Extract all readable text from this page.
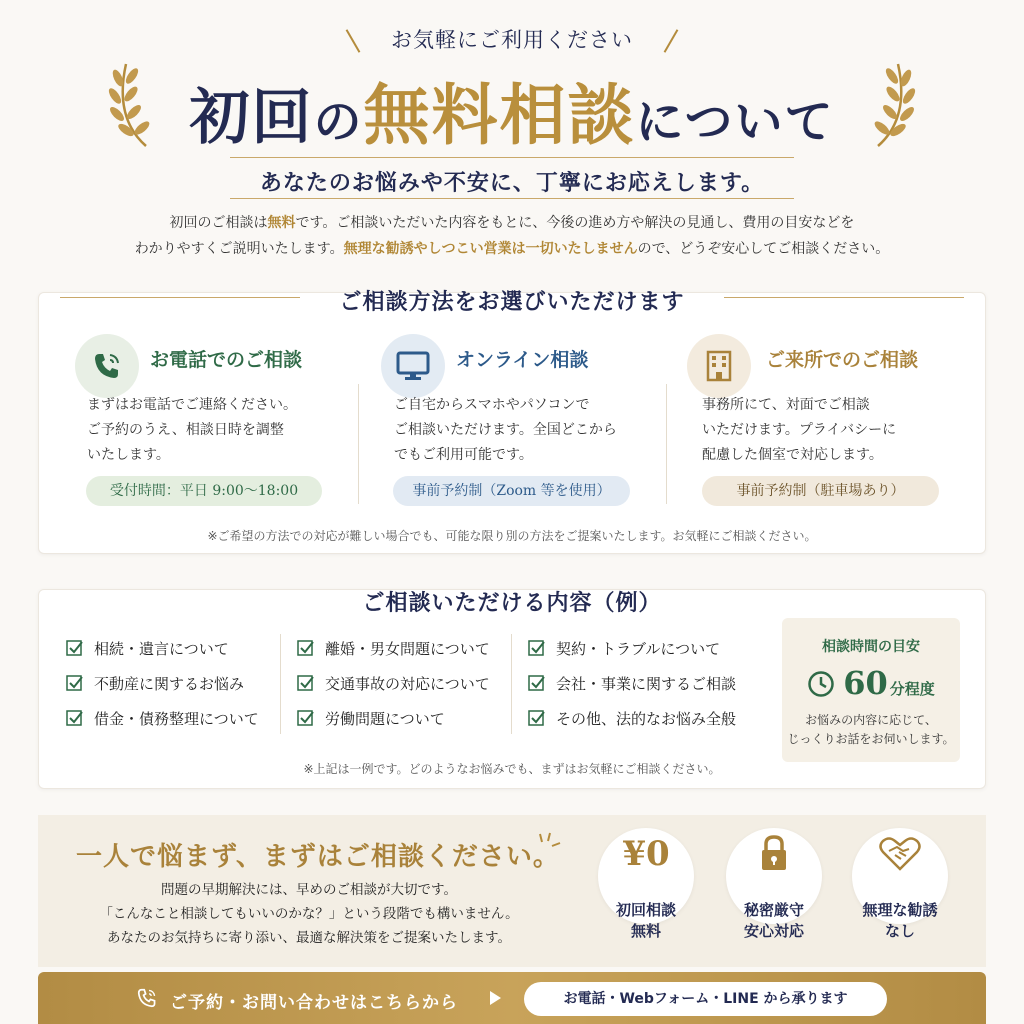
お気軽にご利用ください
初回の無料相談について
あなたのお悩みや不安に、丁寧にお応えします。
初回のご相談は無料です。ご相談いただいた内容をもとに、今後の進め方や解決の見通し、費用の目安などを
わかりやすくご説明いたします。無理な勧誘やしつこい営業は一切いたしませんので、どうぞ安心してご相談ください。
ご相談方法をお選びいただけます
お電話でのご相談
まずはお電話でご連絡ください。
ご予約のうえ、相談日時を調整
いたします。
受付時間：平日 9:00〜18:00
オンライン相談
ご自宅からスマホやパソコンで
ご相談いただけます。全国どこから
でもご利用可能です。
事前予約制（Zoom 等を使用）
ご来所でのご相談
事務所にて、対面でご相談
いただけます。プライバシーに
配慮した個室で対応します。
事前予約制（駐車場あり）
※ご希望の方法での対応が難しい場合でも、可能な限り別の方法をご提案いたします。お気軽にご相談ください。
ご相談いただける内容（例）
相続・遺言について
不動産に関するお悩み
借金・債務整理について
離婚・男女問題について
交通事故の対応について
労働問題について
契約・トラブルについて
会社・事業に関するご相談
その他、法的なお悩み全般
相談時間の目安
60 分程度
お悩みの内容に応じて、
じっくりお話をお伺いします。
※上記は一例です。どのようなお悩みでも、まずはお気軽にご相談ください。
一人で悩まず、まずはご相談ください。
問題の早期解決には、早めのご相談が大切です。
「こんなこと相談してもいいのかな？」という段階でも構いません。
あなたのお気持ちに寄り添い、最適な解決策をご提案いたします。
¥0
初回相談
無料
秘密厳守
安心対応
無理な勧誘
なし
ご予約・お問い合わせはこちらから	お電話・Webフォーム・LINE から承ります
